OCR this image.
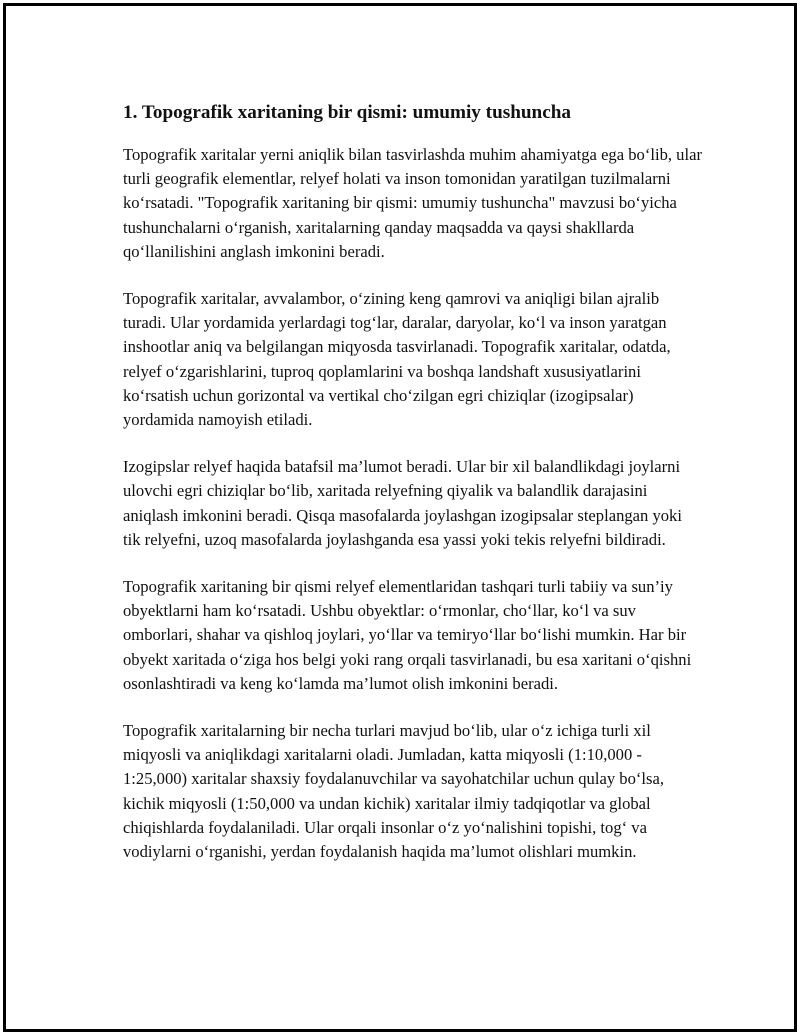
1. Topografik xaritaning bir qismi: umumiy tushuncha

Topografik xaritalar yerni aniqlik bilan tasvirlashda muhim ahamiyatga ega bo‘lib, ular turli geografik elementlar, relyef holati va inson tomonidan yaratilgan tuzilmalarni ko‘rsatadi. "Topografik xaritaning bir qismi: umumiy tushuncha" mavzusi bo‘yicha tushunchalarni o‘rganish, xaritalarning qanday maqsadda va qaysi shakllarda qo‘llanilishini anglash imkonini beradi.

Topografik xaritalar, avvalambor, o‘zining keng qamrovi va aniqligi bilan ajralib turadi. Ular yordamida yerlardagi tog‘lar, daralar, daryolar, ko‘l va inson yaratgan inshootlar aniq va belgilangan miqyosda tasvirlanadi. Topografik xaritalar, odatda, relyef o‘zgarishlarini, tuproq qoplamlarini va boshqa landshaft xususiyatlarini ko‘rsatish uchun gorizontal va vertikal cho‘zilgan egri chiziqlar (izogipsalar) yordamida namoyish etiladi.

Izogipslar relyef haqida batafsil ma’lumot beradi. Ular bir xil balandlikdagi joylarni ulovchi egri chiziqlar bo‘lib, xaritada relyefning qiyalik va balandlik darajasini aniqlash imkonini beradi. Qisqa masofalarda joylashgan izogipsalar steplangan yoki tik relyefni, uzoq masofalarda joylashganda esa yassi yoki tekis relyefni bildiradi.

Topografik xaritaning bir qismi relyef elementlaridan tashqari turli tabiiy va sun’iy obyektlarni ham ko‘rsatadi. Ushbu obyektlar: o‘rmonlar, cho‘llar, ko‘l va suv omborlari, shahar va qishloq joylari, yo‘llar va temiryo‘llar bo‘lishi mumkin. Har bir obyekt xaritada o‘ziga hos belgi yoki rang orqali tasvirlanadi, bu esa xaritani o‘qishni osonlashtiradi va keng ko‘lamda ma’lumot olish imkonini beradi.

Topografik xaritalarning bir necha turlari mavjud bo‘lib, ular o‘z ichiga turli xil miqyosli va aniqlikdagi xaritalarni oladi. Jumladan, katta miqyosli (1:10,000 - 1:25,000) xaritalar shaxsiy foydalanuvchilar va sayohatchilar uchun qulay bo‘lsa, kichik miqyosli (1:50,000 va undan kichik) xaritalar ilmiy tadqiqotlar va global chiqishlarda foydalaniladi. Ular orqali insonlar o‘z yo‘nalishini topishi, tog‘ va vodiylarni o‘rganishi, yerdan foydalanish haqida ma’lumot olishlari mumkin.
